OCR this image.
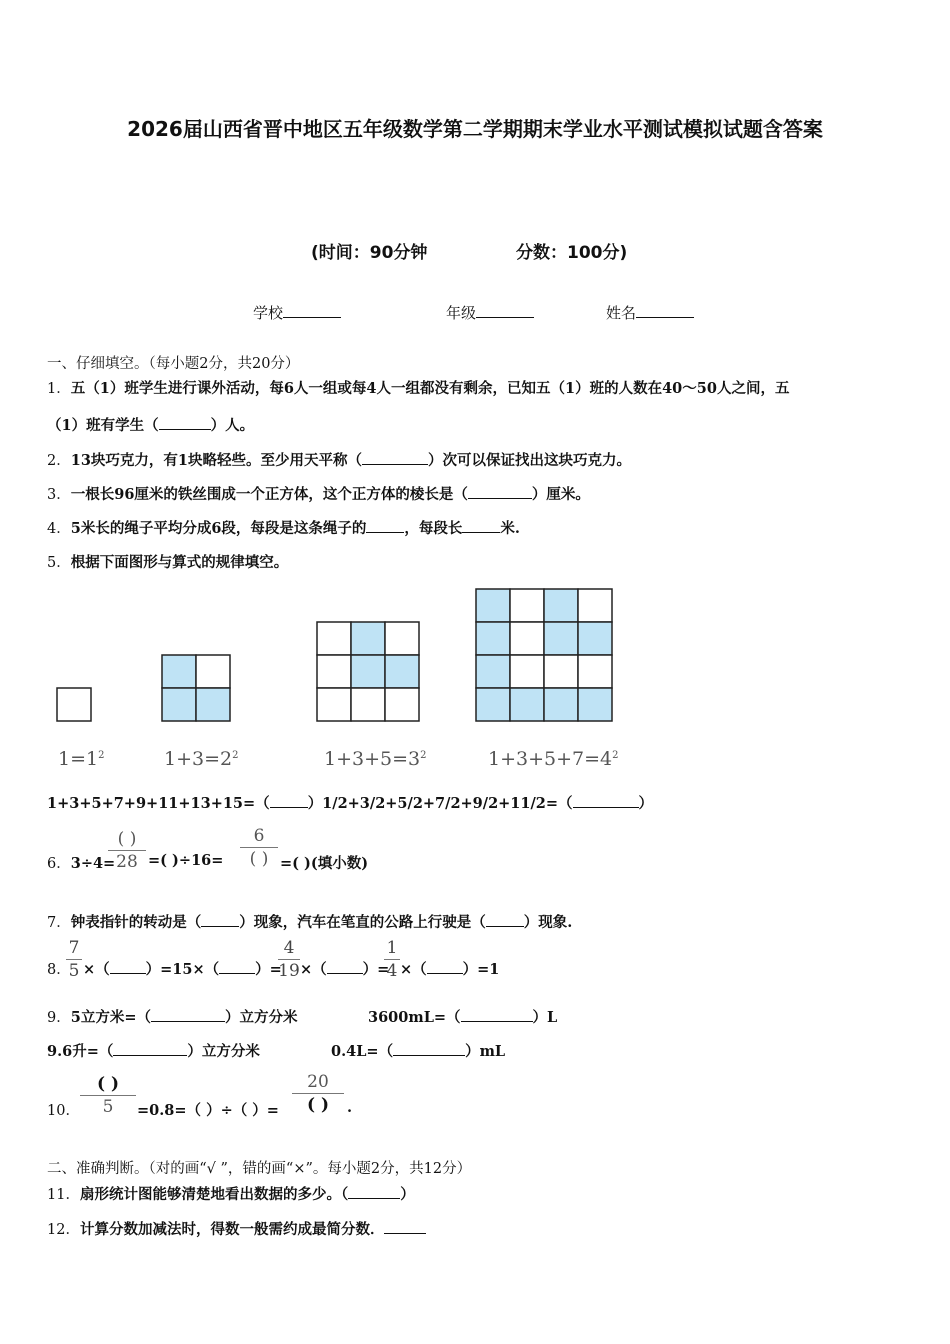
2026届山西省晋中地区五年级数学第二学期期末学业水平测试模拟试题含答案
(时间：90分钟	分数：100分)
学校	年级	姓名
一、仔细填空。（每小题2分，共20分）
1．五（1）班学生进行课外活动，每6人一组或每4人一组都没有剩余，已知五（1）班的人数在40～50人之间，五
（1）班有学生（	）人。
2．13块巧克力，有1块略轻些。至少用天平称（	）次可以保证找出这块巧克力。
3．一根长96厘米的铁丝围成一个正方体，这个正方体的棱长是（	）厘米。
4．5米长的绳子平均分成6段，每段是这条绳子的	，每段长	米.
5．根据下面图形与算式的规律填空。
$1=1^2$	$1+3=2^2$	$1+3+5=3^2$	$1+3+5+7=4^2$
1+3+5+7+9+11+13+15=（	）1/2+3/2+5/2+7/2+9/2+11/2=（	）
6．3÷4=
( )
28 =( )÷16=
6
( ) =( )(填小数)
7．钟表指针的转动是（	）现象，汽车在笔直的公路上行驶是（	）现象.
8．
7
5 ×（ ）=15×（ ）=
4
19 ×（ ）=
1
4 ×（ ）=1
9．5立方米=（	）立方分米	3600mL=（	）L
9.6升=（	）立方分米	0.4L=（	）mL
10．
( )
5	=0.8=（ ）÷（ ）=
20
( )	.
二、准确判断。（对的画“√ ”，错的画“×”。每小题2分，共12分）
11．扇形统计图能够清楚地看出数据的多少。（	）
12．计算分数加减法时，得数一般需约成最简分数．
